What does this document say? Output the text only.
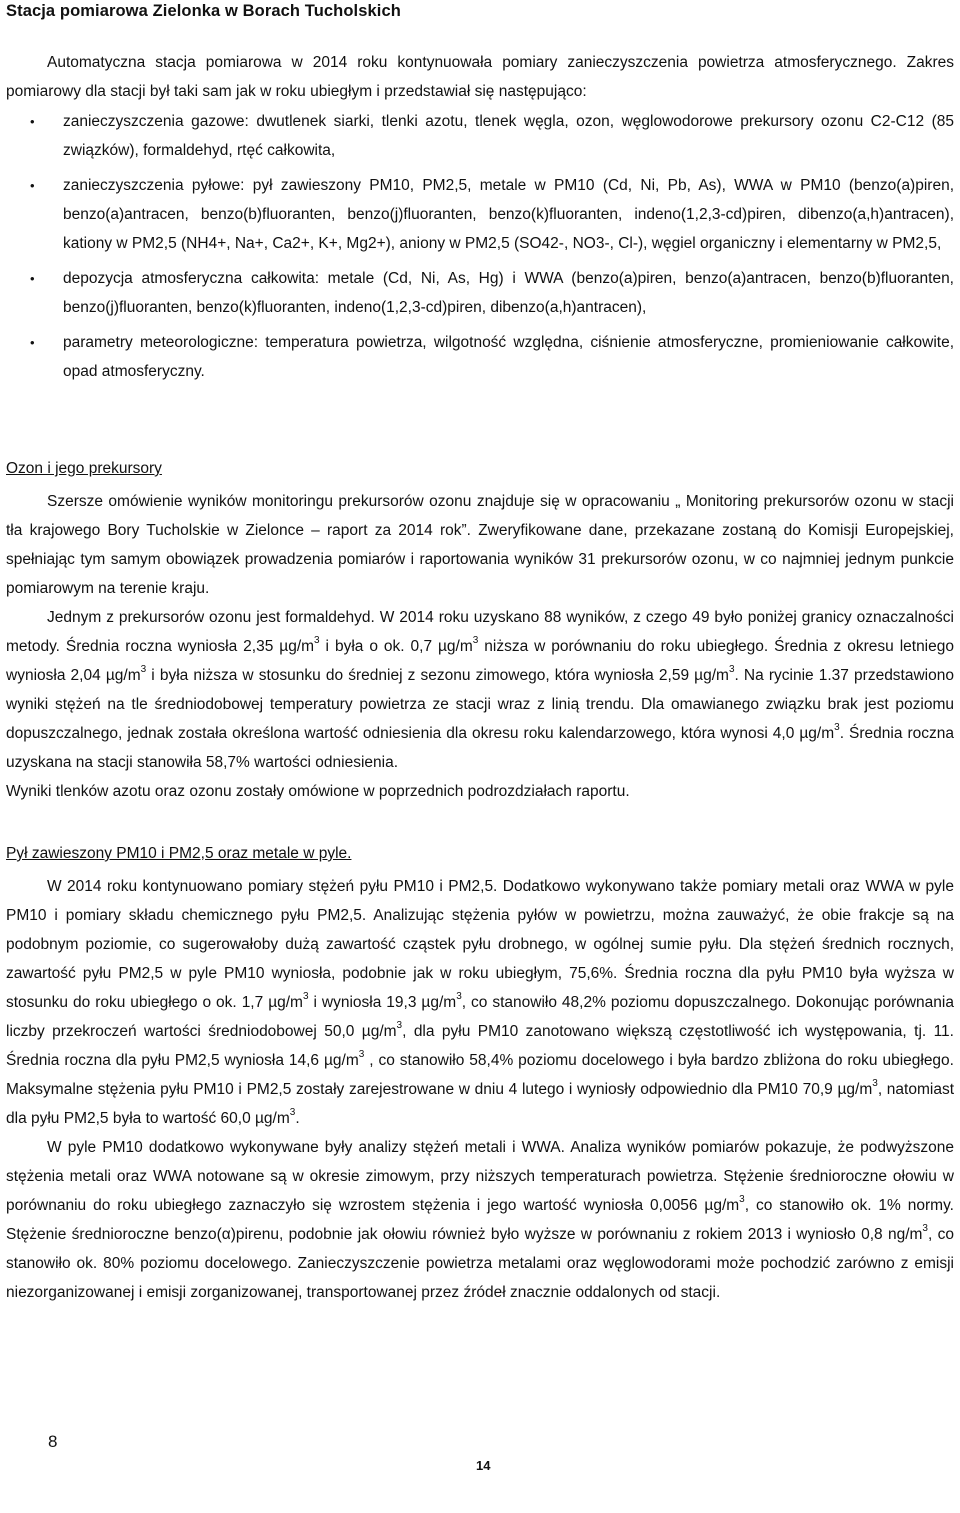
Stacja pomiarowa Zielonka w Borach Tucholskich

Automatyczna stacja pomiarowa w 2014 roku kontynuowała pomiary zanieczyszczenia powietrza atmosferycznego. Zakres pomiarowy dla stacji był taki sam jak w roku ubiegłym i przedstawiał się następująco:

• zanieczyszczenia gazowe: dwutlenek siarki, tlenki azotu, tlenek węgla, ozon, węglowodorowe prekursory ozonu C2-C12 (85 związków), formaldehyd, rtęć całkowita,
• zanieczyszczenia pyłowe: pył zawieszony PM10, PM2,5, metale w PM10 (Cd, Ni, Pb, As), WWA w PM10 (benzo(a)piren, benzo(a)antracen, benzo(b)fluoranten, benzo(j)fluoranten, benzo(k)fluoranten, indeno(1,2,3-cd)piren, dibenzo(a,h)antracen), kationy w PM2,5 (NH4+, Na+, Ca2+, K+, Mg2+), aniony w PM2,5 (SO42-, NO3-, Cl-), węgiel organiczny i elementarny w PM2,5,
• depozycja atmosferyczna całkowita: metale (Cd, Ni, As, Hg) i WWA (benzo(a)piren, benzo(a)antracen, benzo(b)fluoranten, benzo(j)fluoranten, benzo(k)fluoranten, indeno(1,2,3-cd)piren, dibenzo(a,h)antracen),
• parametry meteorologiczne: temperatura powietrza, wilgotność względna, ciśnienie atmosferyczne, promieniowanie całkowite, opad atmosferyczny.
Ozon i jego prekursory

Szersze omówienie wyników monitoringu prekursorów ozonu znajduje się w opracowaniu „ Monitoring prekursorów ozonu w stacji tła krajowego Bory Tucholskie w Zielonce – raport za 2014 rok”. Zweryfikowane dane, przekazane zostaną do Komisji Europejskiej, spełniając tym samym obowiązek prowadzenia pomiarów i raportowania wyników 31 prekursorów ozonu, w co najmniej jednym punkcie pomiarowym na terenie kraju.

Jednym z prekursorów ozonu jest formaldehyd. W 2014 roku uzyskano 88 wyników, z czego 49 było poniżej granicy oznaczalności metody. Średnia roczna wyniosła 2,35 $\mu g/m^3$ i była o ok. 0,7 $\mu g/m^3$ niższa w porównaniu do roku ubiegłego. Średnia z okresu letniego wyniosła 2,04 $\mu g/m^3$ i była niższa w stosunku do średniej z sezonu zimowego, która wyniosła 2,59 $\mu g/m^3$. Na rycinie 1.37 przedstawiono wyniki stężeń na tle średniodobowej temperatury powietrza ze stacji wraz z linią trendu. Dla omawianego związku brak jest poziomu dopuszczalnego, jednak została określona wartość odniesienia dla okresu roku kalendarzowego, która wynosi 4,0 $\mu g/m^3$. Średnia roczna uzyskana na stacji stanowiła 58,7% wartości odniesienia.

Wyniki tlenków azotu oraz ozonu zostały omówione w poprzednich podrozdziałach raportu.

Pył zawieszony PM10 i PM2,5 oraz metale w pyle.

W 2014 roku kontynuowano pomiary stężeń pyłu PM10 i PM2,5. Dodatkowo wykonywano także pomiary metali oraz WWA w pyle PM10 i pomiary składu chemicznego pyłu PM2,5. Analizując stężenia pyłów w powietrzu, można zauważyć, że obie frakcje są na podobnym poziomie, co sugerowałoby dużą zawartość cząstek pyłu drobnego, w ogólnej sumie pyłu. Dla stężeń średnich rocznych, zawartość pyłu PM2,5 w pyle PM10 wyniosła, podobnie jak w roku ubiegłym, 75,6%. Średnia roczna dla pyłu PM10 była wyższa w stosunku do roku ubiegłego o ok. 1,7 $\mu g/m^3$ i wyniosła 19,3 $\mu g/m^3$, co stanowiło 48,2% poziomu dopuszczalnego. Dokonując porównania liczby przekroczeń wartości średniodobowej 50,0 $\mu g/m^3$, dla pyłu PM10 zanotowano większą częstotliwość ich występowania, tj. 11. Średnia roczna dla pyłu PM2,5 wyniosła 14,6 $\mu g/m^3$ , co stanowiło 58,4% poziomu docelowego i była bardzo zbliżona do roku ubiegłego. Maksymalne stężenia pyłu PM10 i PM2,5 zostały zarejestrowane w dniu 4 lutego i wyniosły odpowiednio dla PM10 70,9 $\mu g/m^3$, natomiast dla pyłu PM2,5 była to wartość 60,0 $\mu g/m^3$.

W pyle PM10 dodatkowo wykonywane były analizy stężeń metali i WWA. Analiza wyników pomiarów pokazuje, że podwyższone stężenia metali oraz WWA notowane są w okresie zimowym, przy niższych temperaturach powietrza. Stężenie średnioroczne ołowiu w porównaniu do roku ubiegłego zaznaczyło się wzrostem stężenia i jego wartość wyniosła 0,0056 $\mu g/m^3$, co stanowiło ok. 1% normy. Stężenie średnioroczne benzo(α)pirenu, podobnie jak ołowiu również było wyższe w porównaniu z rokiem 2013 i wyniosło 0,8 $ng/m^3$, co stanowiło ok. 80% poziomu docelowego. Zanieczyszczenie powietrza metalami oraz węglowodorami może pochodzić zarówno z emisji niezorganizowanej i emisji zorganizowanej, transportowanej przez źródeł znacznie oddalonych od stacji.

8

14
